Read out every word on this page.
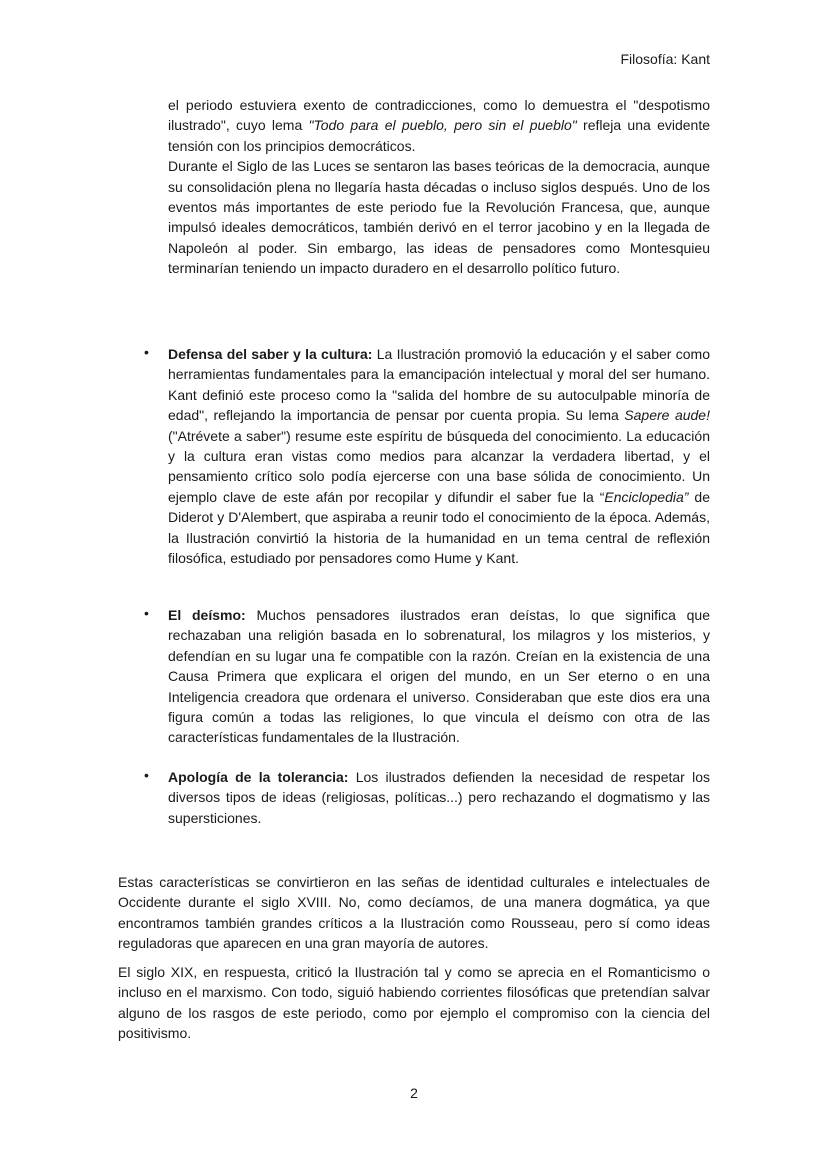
Filosofía: Kant

el periodo estuviera exento de contradicciones, como lo demuestra el "despotismo ilustrado", cuyo lema "Todo para el pueblo, pero sin el pueblo" refleja una evidente tensión con los principios democráticos.

Durante el Siglo de las Luces se sentaron las bases teóricas de la democracia, aunque su consolidación plena no llegaría hasta décadas o incluso siglos después. Uno de los eventos más importantes de este periodo fue la Revolución Francesa, que, aunque impulsó ideales democráticos, también derivó en el terror jacobino y en la llegada de Napoleón al poder. Sin embargo, las ideas de pensadores como Montesquieu terminarían teniendo un impacto duradero en el desarrollo político futuro.

• Defensa del saber y la cultura: La Ilustración promovió la educación y el saber como herramientas fundamentales para la emancipación intelectual y moral del ser humano. Kant definió este proceso como la "salida del hombre de su autoculpable minoría de edad", reflejando la importancia de pensar por cuenta propia. Su lema Sapere aude! ("Atrévete a saber") resume este espíritu de búsqueda del conocimiento. La educación y la cultura eran vistas como medios para alcanzar la verdadera libertad, y el pensamiento crítico solo podía ejercerse con una base sólida de conocimiento. Un ejemplo clave de este afán por recopilar y difundir el saber fue la “Enciclopedia” de Diderot y D'Alembert, que aspiraba a reunir todo el conocimiento de la época. Además, la Ilustración convirtió la historia de la humanidad en un tema central de reflexión filosófica, estudiado por pensadores como Hume y Kant.

• El deísmo: Muchos pensadores ilustrados eran deístas, lo que significa que rechazaban una religión basada en lo sobrenatural, los milagros y los misterios, y defendían en su lugar una fe compatible con la razón. Creían en la existencia de una Causa Primera que explicara el origen del mundo, en un Ser eterno o en una Inteligencia creadora que ordenara el universo. Consideraban que este dios era una figura común a todas las religiones, lo que vincula el deísmo con otra de las características fundamentales de la Ilustración.

• Apología de la tolerancia: Los ilustrados defienden la necesidad de respetar los diversos tipos de ideas (religiosas, políticas...) pero rechazando el dogmatismo y las supersticiones.

Estas características se convirtieron en las señas de identidad culturales e intelectuales de Occidente durante el siglo XVIII. No, como decíamos, de una manera dogmática, ya que encontramos también grandes críticos a la Ilustración como Rousseau, pero sí como ideas reguladoras que aparecen en una gran mayoría de autores.
El siglo XIX, en respuesta, criticó la Ilustración tal y como se aprecia en el Romanticismo o incluso en el marxismo. Con todo, siguió habiendo corrientes filosóficas que pretendían salvar alguno de los rasgos de este periodo, como por ejemplo el compromiso con la ciencia del positivismo.
2
